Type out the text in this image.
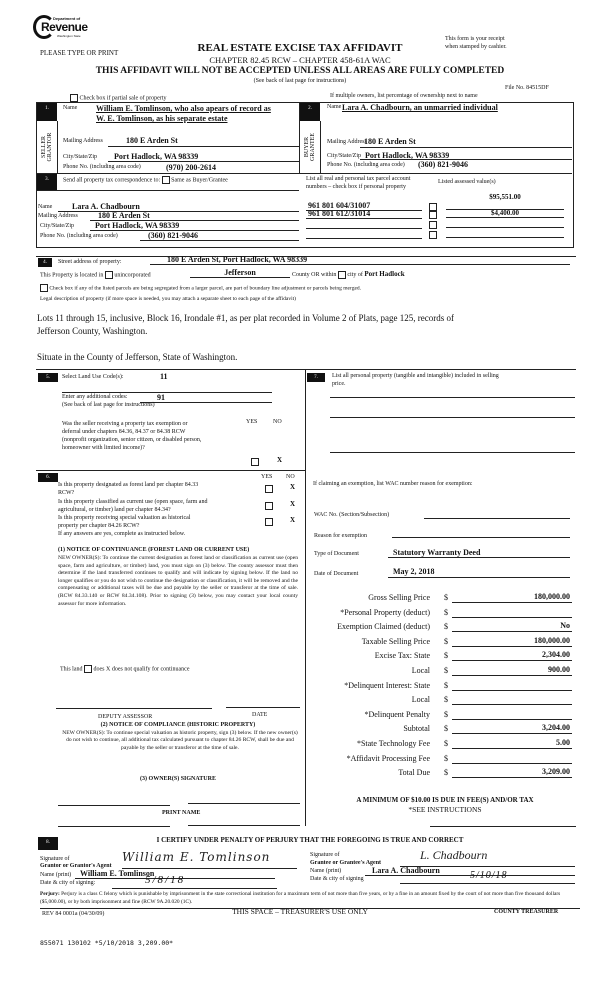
Department of
Revenue
Washington State
PLEASE TYPE OR PRINT	REAL ESTATE EXCISE TAX AFFIDAVIT
CHAPTER 82.45 RCW – CHAPTER 458-61A WAC
This form is your receipt
when stamped by cashier.
THIS AFFIDAVIT WILL NOT BE ACCEPTED UNLESS ALL AREAS ARE FULLY COMPLETED
(See back of last page for instructions)
File No. 84515DF
Check box if partial sale of property	If multiple owners, list percentage of ownership next to name
1.
SELLER GRANTOR
Name William E. Tomlinson, who also apears of record as
W. E. Tomlinson, as his separate estate
Mailing Address	180 E Arden St
City/State/Zip Port Hadlock, WA 98339
Phone No. (including area code)	(970) 200-2614
2.
BUYER GRANTEE
Name Lara A. Chadbourn, an unmarried individual
Mailing Address
180 E Arden St
City/State/Zip Port Hadlock, WA 98339
Phone No. (including area code) (360) 821-9046
3.	Send all property tax correspondence to: Same as Buyer/Grantee
Name Lara A. Chadbourn
Mailing Address	180 E Arden St
City/State/Zip	Port Hadlock, WA 98339
Phone No. (including area code)	(360) 821-9046
List all real and personal tax parcel account
numbers – check box if personal property
Listed assessed value(s)
961 801 604/31007
$95,551.00
961 801 612/31014	$4,400.00
4.	Street address of property:	180 E Arden St, Port Hadlock, WA 98339
This Property is located in unincorporated	Jefferson	County OR within city of Port Hadlock
Check box if any of the listed parcels are being segregated from a larger parcel, are part of boundary line adjustment or parcels being merged.
Legal description of property (if more space is needed, you may attach a separate sheet to each page of the affidavit)
Lots 11 through 15, inclusive, Block 16, Irondale #1, as per plat recorded in Volume 2 of Plats, page 125, records of
Jefferson County, Washington.
Situate in the County of Jefferson, State of Washington.
5.	Select Land Use Code(s):	11
Enter any additional codes:	91
(See back of last page for instructions)
YES	NO
Was the seller receiving a property tax exemption or
deferral under chapters 84.36, 84.37 or 84.38 RCW
(nonprofit organization, senior citizen, or disabled person,
homeowner with limited income)?
X
7.	List all personal property (tangible and intangible) included in selling
price.
6.	YES NO
Is this property designated as forest land per chapter 84.33
RCW?
X
Is this property classified as current use (open space, farm and
agricultural, or timber) land per chapter 84.34?
X
Is this property receiving special valuation as historical
property per chapter 84.26 RCW?
X
If any answers are yes, complete as instructed below.
(1) NOTICE OF CONTINUANCE (FOREST LAND OR CURRENT USE)
NEW OWNER(S): To continue the current designation as forest land or classification as current use (open space, farm and agriculture, or timber) land, you must sign on (3) below. The county assessor must then determine if the land transferred continues to qualify and will indicate by signing below. If the land no longer qualifies or you do not wish to continue the designation or classification, it will be removed and the compensating or additional taxes will be due and payable by the seller or transferor at the time of sale. (RCW 84.33.140 or RCW 84.34.108). Prior to signing (3) below, you may contact your local county assessor for more information.
This land does X does not qualify for continuance
DEPUTY ASSESSOR	DATE
(2) NOTICE OF COMPLIANCE (HISTORIC PROPERTY)
NEW OWNER(S): To continue special valuation as historic property, sign (3) below. If the new owner(s) do not wish to continue, all additional tax calculated pursuant to chapter 84.26 RCW, shall be due and payable by the seller or transferor at the time of sale.
(3) OWNER(S) SIGNATURE
PRINT NAME
If claiming an exemption, list WAC number reason for exemption:
WAC No. (Section/Subsection)
Reason for exemption
Type of Document	Statutory Warranty Deed
Date of Document	May 2, 2018
Gross Selling Price $	180,000.00
*Personal Property (deduct) $
Exemption Claimed (deduct) $	No
Taxable Selling Price $	180,000.00
Excise Tax: State $	2,304.00
Local $	900.00
*Delinquent Interest: State $
Local $
*Delinquent Penalty $
Subtotal $	3,204.00
*State Technology Fee $	5.00
*Affidavit Processing Fee $
Total Due $	3,209.00
A MINIMUM OF $10.00 IS DUE IN FEE(S) AND/OR TAX
*SEE INSTRUCTIONS
8.	I CERTIFY UNDER PENALTY OF PERJURY THAT THE FOREGOING IS TRUE AND CORRECT
Signature of
Grantor or Grantor's Agent
William E. Tomlinson
Name (print) William E. Tomlinson
Date & city of signing:	5/8/18
Signature of
Grantee or Grantee's Agent
L. Chadbourn
Name (print)	Lara A. Chadbourn
Date & city of signing	5/10/18
Perjury: Perjury is a class C felony which is punishable by imprisonment in the state correctional institution for a maximum term of not more than five years, or by a fine in an amount fixed by the court of not more than five thousand dollars ($5,000.00), or by both imprisonment and fine (RCW 9A.20.020 (1C).
REV 84 0001a (04/30/09)	THIS SPACE – TREASURER'S USE ONLY	COUNTY TREASURER
855071 130102 *5/10/2018 3,209.00*
